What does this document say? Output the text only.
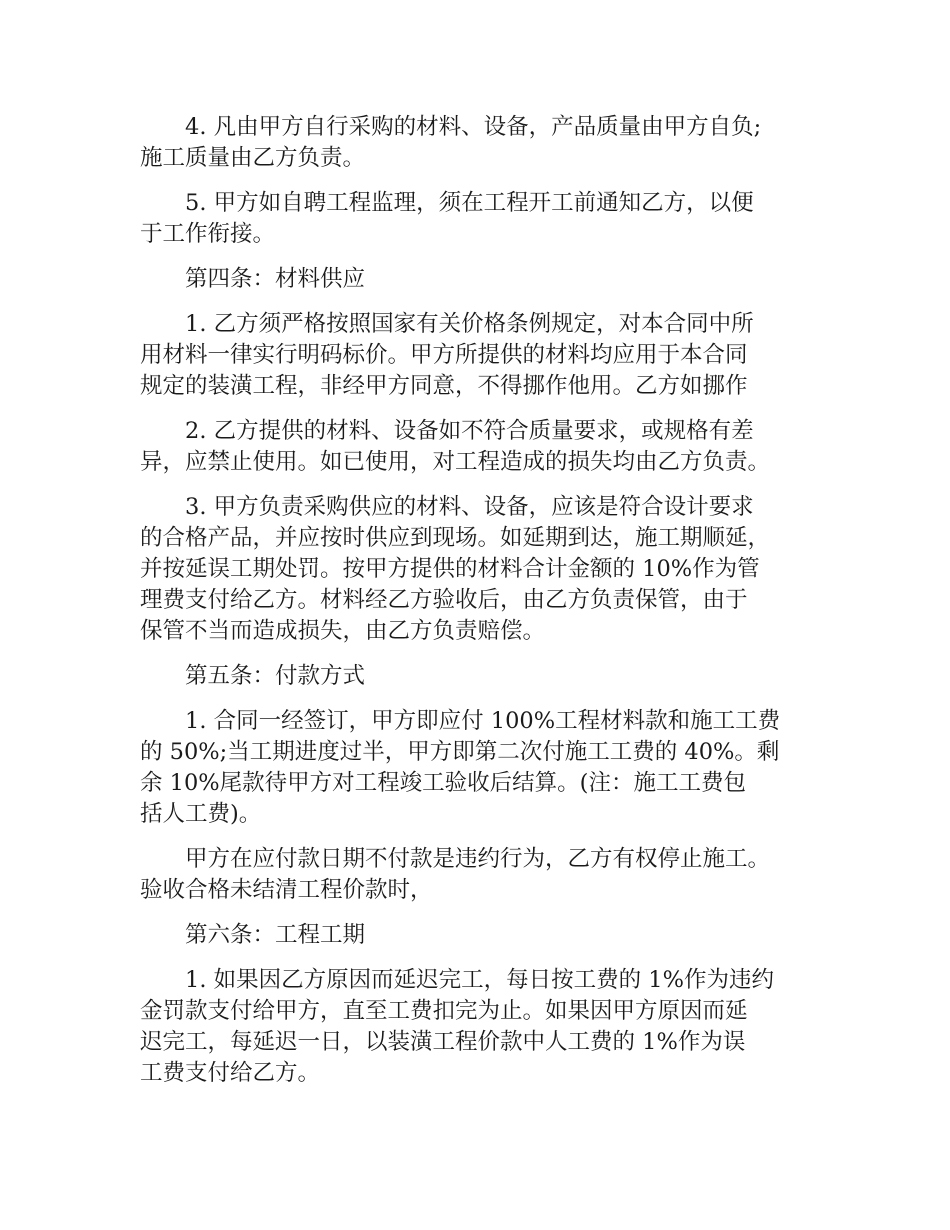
4. 凡由甲方自行采购的材料、设备，产品质量由甲方自负;
施工质量由乙方负责。

5. 甲方如自聘工程监理，须在工程开工前通知乙方，以便
于工作衔接。

第四条：材料供应

1. 乙方须严格按照国家有关价格条例规定，对本合同中所
用材料一律实行明码标价。甲方所提供的材料均应用于本合同
规定的装潢工程，非经甲方同意，不得挪作他用。乙方如挪作

2. 乙方提供的材料、设备如不符合质量要求，或规格有差
异，应禁止使用。如已使用，对工程造成的损失均由乙方负责。

3. 甲方负责采购供应的材料、设备，应该是符合设计要求
的合格产品，并应按时供应到现场。如延期到达，施工期顺延，
并按延误工期处罚。按甲方提供的材料合计金额的 10%作为管
理费支付给乙方。材料经乙方验收后，由乙方负责保管，由于
保管不当而造成损失，由乙方负责赔偿。

第五条：付款方式

1. 合同一经签订，甲方即应付 100%工程材料款和施工工费
的 50%;当工期进度过半，甲方即第二次付施工工费的 40%。剩
余 10%尾款待甲方对工程竣工验收后结算。(注：施工工费包
括人工费)。

甲方在应付款日期不付款是违约行为，乙方有权停止施工。
验收合格未结清工程价款时，

第六条：工程工期

1. 如果因乙方原因而延迟完工，每日按工费的 1%作为违约
金罚款支付给甲方，直至工费扣完为止。如果因甲方原因而延
迟完工，每延迟一日，以装潢工程价款中人工费的 1%作为误
工费支付给乙方。
